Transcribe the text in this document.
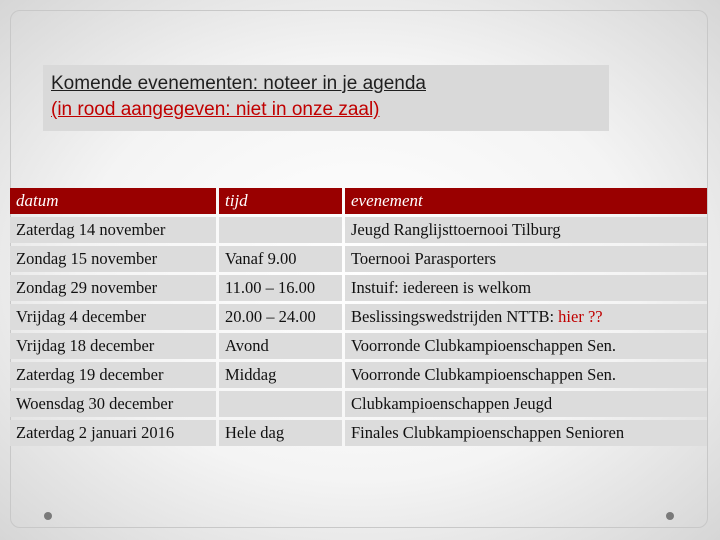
Komende evenementen: noteer in je agenda
(in rood aangegeven: niet in onze zaal)
datum	tijd	evenement
Zaterdag 14 november		Jeugd Ranglijsttoernooi Tilburg
Zondag 15 november	Vanaf 9.00	Toernooi Parasporters
Zondag 29 november	11.00 – 16.00	Instuif: iedereen is welkom
Vrijdag 4 december	20.00 – 24.00	Beslissingswedstrijden NTTB: hier ??
Vrijdag 18 december	Avond	Voorronde Clubkampioenschappen Sen.
Zaterdag 19 december	Middag	Voorronde Clubkampioenschappen Sen.
Woensdag 30 december		Clubkampioenschappen Jeugd
Zaterdag 2 januari 2016	Hele dag	Finales Clubkampioenschappen Senioren
